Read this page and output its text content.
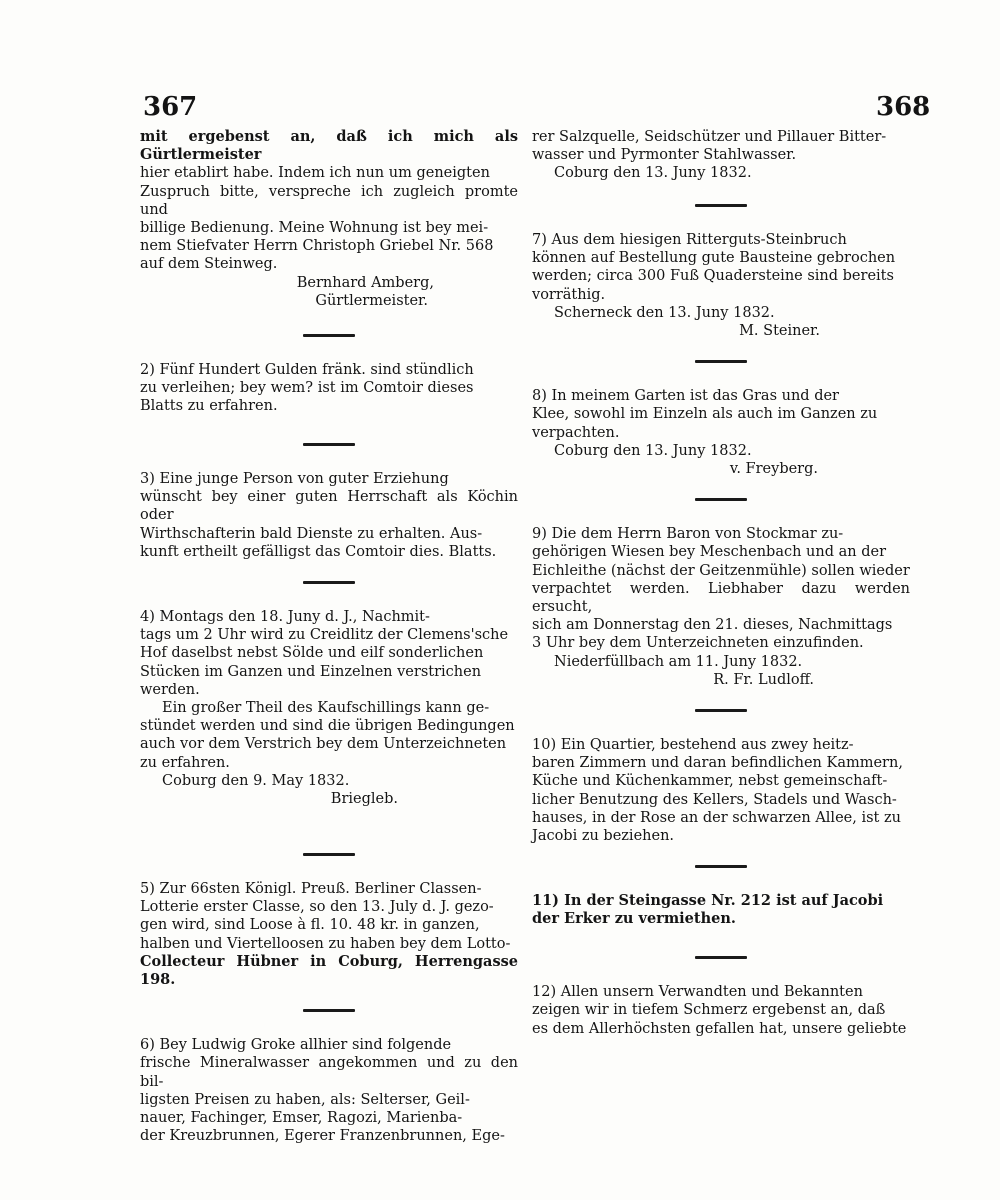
367	368

mit ergebenst an, daß ich mich als Gürtlermeister

hier etablirt habe. Indem ich nun um geneigten

Zuspruch bitte, verspreche ich zugleich promte und

billige Bedienung. Meine Wohnung ist bey mei-

nem Stiefvater Herrn Christoph Griebel Nr. 568

auf dem Steinweg.

Bernhard Amberg,
Gürtlermeister.

2) Fünf Hundert Gulden fränk. sind stündlich

zu verleihen; bey wem? ist im Comtoir dieses

Blatts zu erfahren.

3) Eine junge Person von guter Erziehung

wünscht bey einer guten Herrschaft als Köchin oder

Wirthschafterin bald Dienste zu erhalten. Aus-

kunft ertheilt gefälligst das Comtoir dies. Blatts.

4) Montags den 18. Juny d. J., Nachmit-

tags um 2 Uhr wird zu Creidlitz der Clemens'sche

Hof daselbst nebst Sölde und eilf sonderlichen

Stücken im Ganzen und Einzelnen verstrichen

werden.

Ein großer Theil des Kaufschillings kann ge-

stündet werden und sind die übrigen Bedingungen

auch vor dem Verstrich bey dem Unterzeichneten

zu erfahren.

Coburg den 9. May 1832.
Briegleb.

5) Zur 66sten Königl. Preuß. Berliner Classen-

Lotterie erster Classe, so den 13. July d. J. gezo-

gen wird, sind Loose à fl. 10. 48 kr. in ganzen,

halben und Viertelloosen zu haben bey dem Lotto-

Collecteur Hübner in Coburg, Herrengasse 198.

6) Bey Ludwig Groke allhier sind folgende

frische Mineralwasser angekommen und zu den bil-

ligsten Preisen zu haben, als: Selterser, Geil-

nauer, Fachinger, Emser, Ragozi, Marienba-

der Kreuzbrunnen, Egerer Franzenbrunnen, Ege-

rer Salzquelle, Seidschützer und Pillauer Bitter-

wasser und Pyrmonter Stahlwasser.

Coburg den 13. Juny 1832.

7) Aus dem hiesigen Ritterguts-Steinbruch

können auf Bestellung gute Bausteine gebrochen

werden; circa 300 Fuß Quadersteine sind bereits

vorräthig.

Scherneck den 13. Juny 1832.
M. Steiner.

8) In meinem Garten ist das Gras und der

Klee, sowohl im Einzeln als auch im Ganzen zu

verpachten.

Coburg den 13. Juny 1832.
v. Freyberg.

9) Die dem Herrn Baron von Stockmar zu-

gehörigen Wiesen bey Meschenbach und an der

Eichleithe (nächst der Geitzenmühle) sollen wieder

verpachtet werden. Liebhaber dazu werden ersucht,

sich am Donnerstag den 21. dieses, Nachmittags

3 Uhr bey dem Unterzeichneten einzufinden.

Niederfüllbach am 11. Juny 1832.
R. Fr. Ludloff.

10) Ein Quartier, bestehend aus zwey heitz-

baren Zimmern und daran befindlichen Kammern,

Küche und Küchenkammer, nebst gemeinschaft-

licher Benutzung des Kellers, Stadels und Wasch-

hauses, in der Rose an der schwarzen Allee, ist zu

Jacobi zu beziehen.

11) In der Steingasse Nr. 212 ist auf Jacobi

der Erker zu vermiethen.

12) Allen unsern Verwandten und Bekannten

zeigen wir in tiefem Schmerz ergebenst an, daß

es dem Allerhöchsten gefallen hat, unsere geliebte
